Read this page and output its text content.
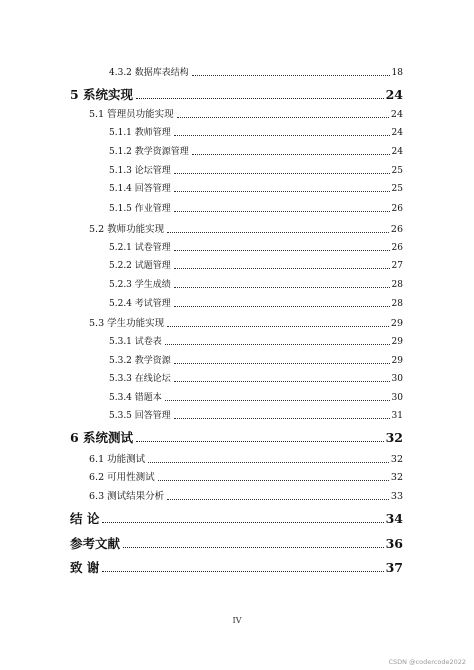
4.3.2 数据库表结构	18
5 系统实现	24
5.1 管理员功能实现	24
5.1.1 教师管理	24
5.1.2 教学资源管理	24
5.1.3 论坛管理	25
5.1.4 回答管理	25
5.1.5 作业管理	26
5.2 教师功能实现	26
5.2.1 试卷管理	26
5.2.2 试题管理	27
5.2.3 学生成绩	28
5.2.4 考试管理	28
5.3 学生功能实现	29
5.3.1 试卷表	29
5.3.2 教学资源	29
5.3.3 在线论坛	30
5.3.4 错题本	30
5.3.5 回答管理	31
6 系统测试	32
6.1 功能测试	32
6.2 可用性测试	32
6.3 测试结果分析	33
结 论	34
参考文献	36
致 谢	37
IV
CSDN @codercode2022
